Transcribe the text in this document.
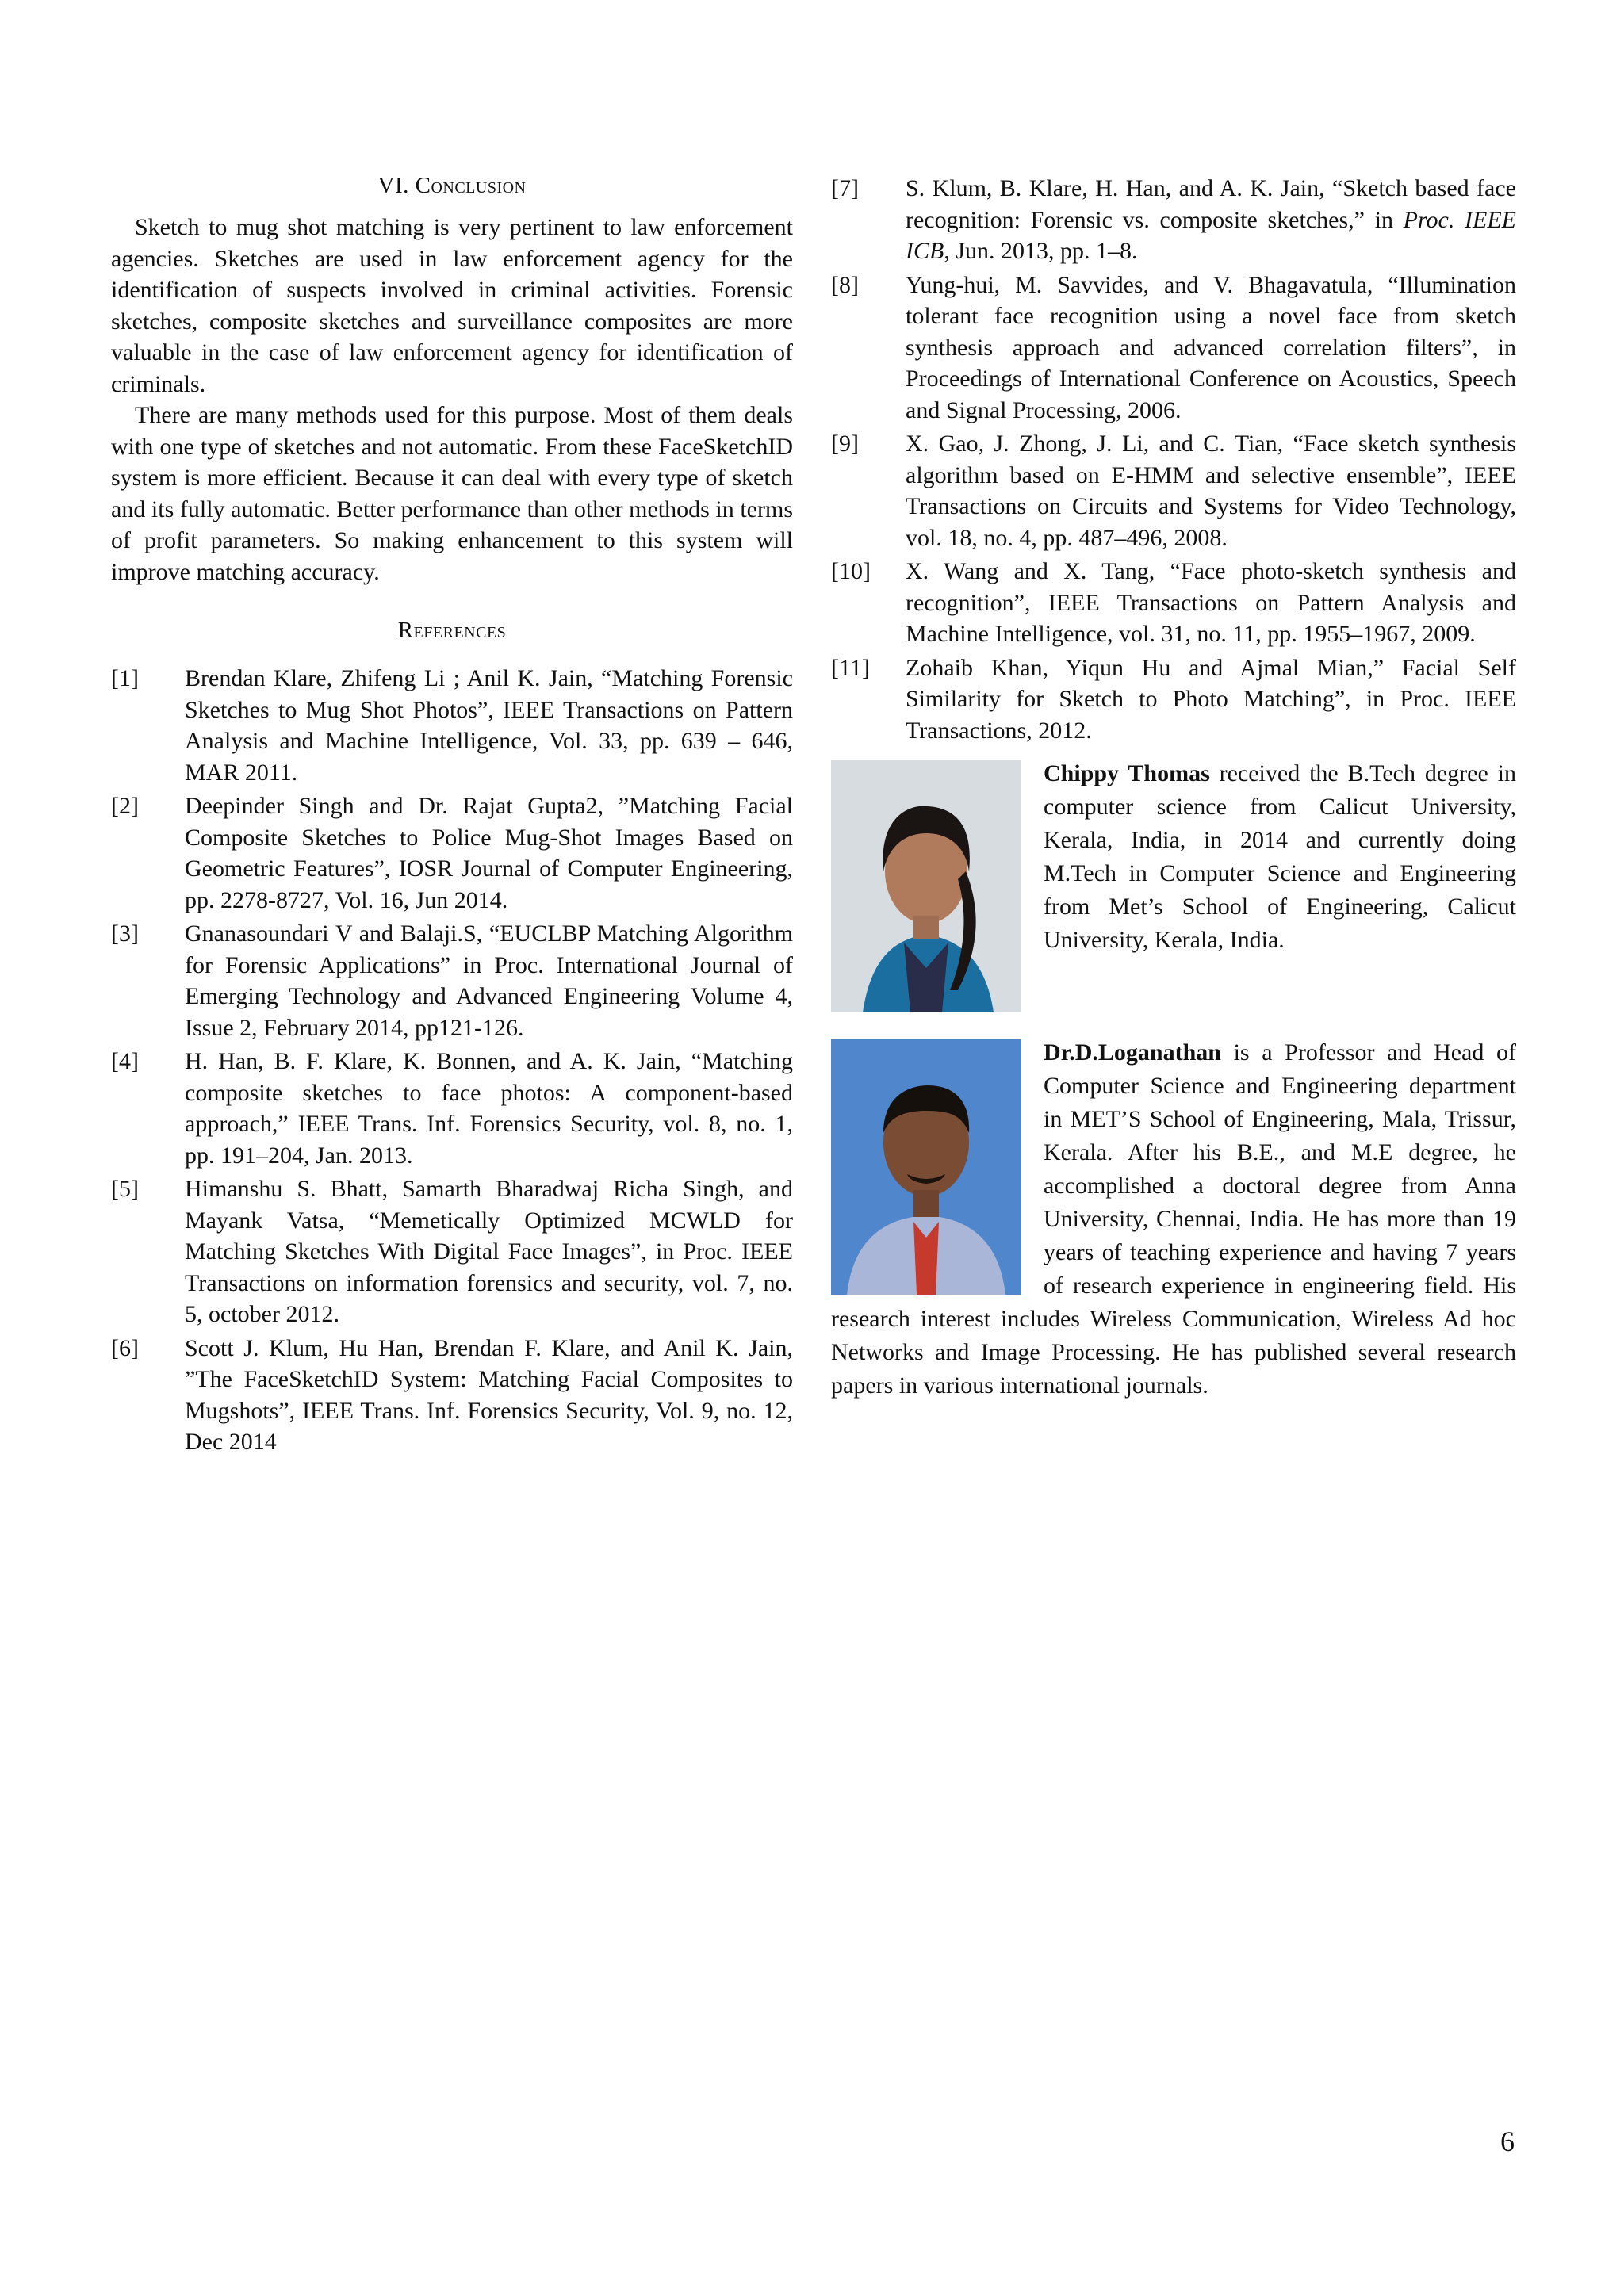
VI. Conclusion

Sketch to mug shot matching is very pertinent to law enforcement agencies. Sketches are used in law enforcement agency for the identification of suspects involved in criminal activities. Forensic sketches, composite sketches and surveillance composites are more valuable in the case of law enforcement agency for identification of criminals.

There are many methods used for this purpose. Most of them deals with one type of sketches and not automatic. From these FaceSketchID system is more efficient. Because it can deal with every type of sketch and its fully automatic. Better performance than other methods in terms of profit parameters. So making enhancement to this system will improve matching accuracy.

References
[1]	Brendan Klare, Zhifeng Li ; Anil K. Jain, “Matching Forensic Sketches to Mug Shot Photos”, IEEE Transactions on Pattern Analysis and Machine Intelligence, Vol. 33, pp. 639 – 646, MAR 2011.
[2]	Deepinder Singh and Dr. Rajat Gupta2, ”Matching Facial Composite Sketches to Police Mug-Shot Images Based on Geometric Features”, IOSR Journal of Computer Engineering, pp. 2278-8727, Vol. 16, Jun 2014.
[3]	Gnanasoundari V and Balaji.S, “EUCLBP Matching Algorithm for Forensic Applications” in Proc. International Journal of Emerging Technology and Advanced Engineering Volume 4, Issue 2, February 2014, pp121-126.
[4]	H. Han, B. F. Klare, K. Bonnen, and A. K. Jain, “Matching composite sketches to face photos: A component-based approach,” IEEE Trans. Inf. Forensics Security, vol. 8, no. 1, pp. 191–204, Jan. 2013.
[5]	Himanshu S. Bhatt, Samarth Bharadwaj Richa Singh, and Mayank Vatsa, “Memetically Optimized MCWLD for Matching Sketches With Digital Face Images”, in Proc. IEEE Transactions on information forensics and security, vol. 7, no. 5, october 2012.
[6]	Scott J. Klum, Hu Han, Brendan F. Klare, and Anil K. Jain, ”The FaceSketchID System: Matching Facial Composites to Mugshots”, IEEE Trans. Inf. Forensics Security, Vol. 9, no. 12, Dec 2014
[7]	S. Klum, B. Klare, H. Han, and A. K. Jain, “Sketch based face recognition: Forensic vs. composite sketches,” in Proc. IEEE ICB, Jun. 2013, pp. 1–8.
[8]	Yung-hui, M. Savvides, and V. Bhagavatula, “Illumination tolerant face recognition using a novel face from sketch synthesis approach and advanced correlation filters”, in Proceedings of International Conference on Acoustics, Speech and Signal Processing, 2006.
[9]	X. Gao, J. Zhong, J. Li, and C. Tian, “Face sketch synthesis algorithm based on E-HMM and selective ensemble”, IEEE Transactions on Circuits and Systems for Video Technology, vol. 18, no. 4, pp. 487–496, 2008.
[10]	X. Wang and X. Tang, “Face photo-sketch synthesis and recognition”, IEEE Transactions on Pattern Analysis and Machine Intelligence, vol. 31, no. 11, pp. 1955–1967, 2009.
[11]	Zohaib Khan, Yiqun Hu and Ajmal Mian,” Facial Self Similarity for Sketch to Photo Matching”, in Proc. IEEE Transactions, 2012.
Chippy Thomas received the B.Tech degree in computer science from Calicut University, Kerala, India, in 2014 and currently doing M.Tech in Computer Science and Engineering from Met’s School of Engineering, Calicut University, Kerala, India.
Dr.D.Loganathan is a Professor and Head of Computer Science and Engineering department in MET’S School of Engineering, Mala, Trissur, Kerala. After his B.E., and M.E degree, he accomplished a doctoral degree from Anna University, Chennai, India. He has more than 19 years of teaching experience and having 7 years of research experience in engineering field. His research interest includes Wireless Communication, Wireless Ad hoc Networks and Image Processing. He has published several research papers in various international journals.
6
